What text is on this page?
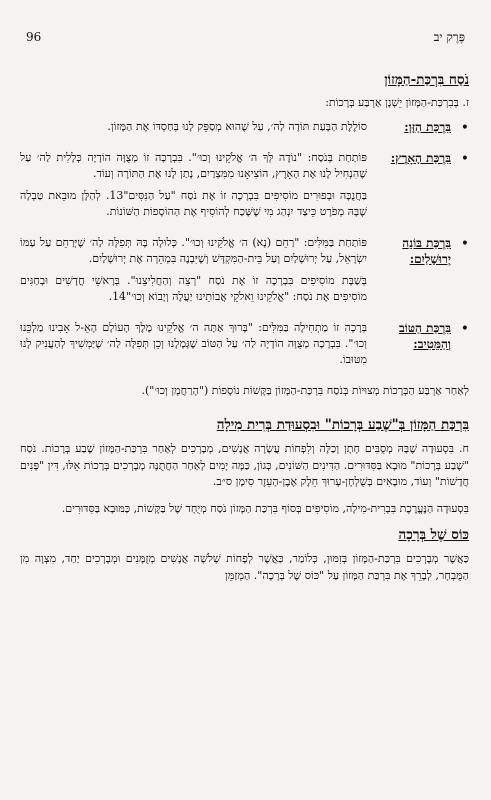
96	פֶּרֶק יב
נֹסַח בִּרְכַּת-הַמָּזוֹן
ז. בְּבִרְכַּת-הַמָּזוֹן יֵשְׁנָן אַרְבַּע בְּרָכוֹת:
•
בִּרְכַּת הַזָּן:

סוֹלֶלֶת הַבָּעַת תּוֹדָה לַה׳, עַל שֶׁהוּא מְסַפֵּק לָנוּ בְּחַסְדּוֹ אֶת הַמָּזוֹן.

•
בִּרְכַּת הָאָרֶץ:

פּוֹתַחַת בְּנֹסַח: "נוֹדֶה לְּךָ ה׳ אֱלֹקֵינוּ וְכוּ׳". בִּבְרָכָה זוֹ מְצֻוָּה הוֹדָיָה כְּלָלִית לַה׳ עַל שֶׁהִנְחִיל לָנוּ אֶת הָאָרֶץ, הוֹצִיאָנוּ מִמִּצְרַיִם, נָתַן לָנוּ אֶת הַתּוֹרָה וְעוֹד.

בַּחֲנֻכָּה וּבְפוּרִים מוֹסִיפִים בִּבְרָכָה זוֹ אֶת נֹסַח "עַל הַנִּסִּים"13. לְהַלָּן מוּבֵאת טַבְלָה שֶׁבָּהּ מְפֹרָט כֵּיצַד יִנְהַג מִי שֶׁשָּׁכַח לְהוֹסִיף אֶת הַהוֹסָפוֹת הַשּׁוֹנוֹת.

•
בִּרְכַּת בּוֹנֵה יְרוּשָׁלַיִם:

פּוֹתַחַת בַּמִּלִּים: "רַחֵם (נָא) ה׳ אֱלֹקֵינוּ וְכוּ׳". כְּלוּלָה בָּהּ תְּפִלָּה לַה׳ שֶׁיְּרַחֵם עַל עַמּוֹ יִשְׂרָאֵל, עַל יְרוּשָׁלַיִם וְעַל בֵּית-הַמִּקְדָּשׁ וְשֶׁיִּבְנֶה בִּמְהֵרָה אֶת יְרוּשָׁלַיִם.

בְּשַׁבָּת מוֹסִיפִים בִּבְרָכָה זוֹ אֶת נֹסַח "רְצֵה וְהַחֲלִיצֵנוּ". בְּרָאשֵׁי חֳדָשִׁים וּבְחַגִּים מוֹסִיפִים אֶת נֹסַח: "אֱלֹקֵינוּ וֵאלֹקֵי אֲבוֹתֵינוּ יַעֲלֶה וְיָבוֹא וְכוּ׳"14.

•
בִּרְכַּת הַטּוֹב וְהַמֵּטִיב:

בְּרָכָה זוֹ מַתְחִילָה בַּמִּלִּים: "בָּרוּךְ אַתָּה ה׳ אֱלֹקֵינוּ מֶלֶךְ הָעוֹלָם הָאֵ-ל אָבִינוּ מַלְכֵּנוּ וְכוּ׳". בִּבְרָכָה מְצֻוָּה הוֹדָיָה לַה׳ עַל הַטּוֹב שֶׁגְּמָלָנוּ וְכֵן תְּפִלָּה לַה׳ שֶׁיַּמְשִׁיךְ לְהַעֲנִיק לָנוּ מִטּוּבוֹ.

לְאַחַר אַרְבַּע הַבְּרָכוֹת מְצוּיוֹת בְּנֹסַח בִּרְכַּת-הַמָּזוֹן בַּקָּשׁוֹת נוֹסָפוֹת ("הָרַחֲמָן וְכוּ׳").
בִּרְכַּת הַמָּזוֹן בְּ"שֶׁבַע בְּרָכוֹת" וּבִסְעוּדַת בְּרִית מִילָה

ח. בִּסְעוּדָה שֶׁבָּהּ מְסֻבִּים חָתָן וְכַלָּה וְלִפְחוֹת עֲשָׂרָה אֲנָשִׁים, מְבָרְכִים לְאַחַר בִּרְכַּת-הַמָּזוֹן שֶׁבַע בְּרָכוֹת. נֹסַח "שֶׁבַע בְּרָכוֹת" מוּבָא בַּסִּדּוּרִים. הַדִּינִים הַשּׁוֹנִים, כְּגוֹן, כַּמָּה יָמִים לְאַחַר הַחֲתֻנָּה מְבָרְכִים בְּרָכוֹת אֵלּוּ, דִּין "פָּנִים חֲדָשׁוֹת" וְעוֹד, מוּבָאִים בְּשֻׁלְחָן-עָרוּךְ חֵלֶק אֶבֶן-הָעֵזֶר סִימָן ס״ב.

בִּסְעוּדָה הַנֶּעֱרֶכֶת בִּבְרִית-מִילָה, מוֹסִיפִים בְּסוֹף בִּרְכַּת הַמָּזוֹן נֹסַח מְיֻחָד שֶׁל בַּקָּשׁוֹת, כַּמּוּבָא בַּסִּדּוּרִים.

כּוֹס שֶׁל בְּרָכָה

כַּאֲשֶׁר מְבָרְכִים בִּרְכַּת-הַמָּזוֹן בְּזִמּוּן, כְּלוֹמַר, כַּאֲשֶׁר לְפָחוֹת שְׁלֹשָׁה אֲנָשִׁים מְזֻמָּנִים וּמְבָרְכִים יַחַד, מִצְוָה מִן הַמֻּבְחָר, לְבָרֵךְ אֶת בִּרְכַּת הַמָּזוֹן עַל "כּוֹס שֶׁל בְּרָכָה". הַמְזַמֵּן
